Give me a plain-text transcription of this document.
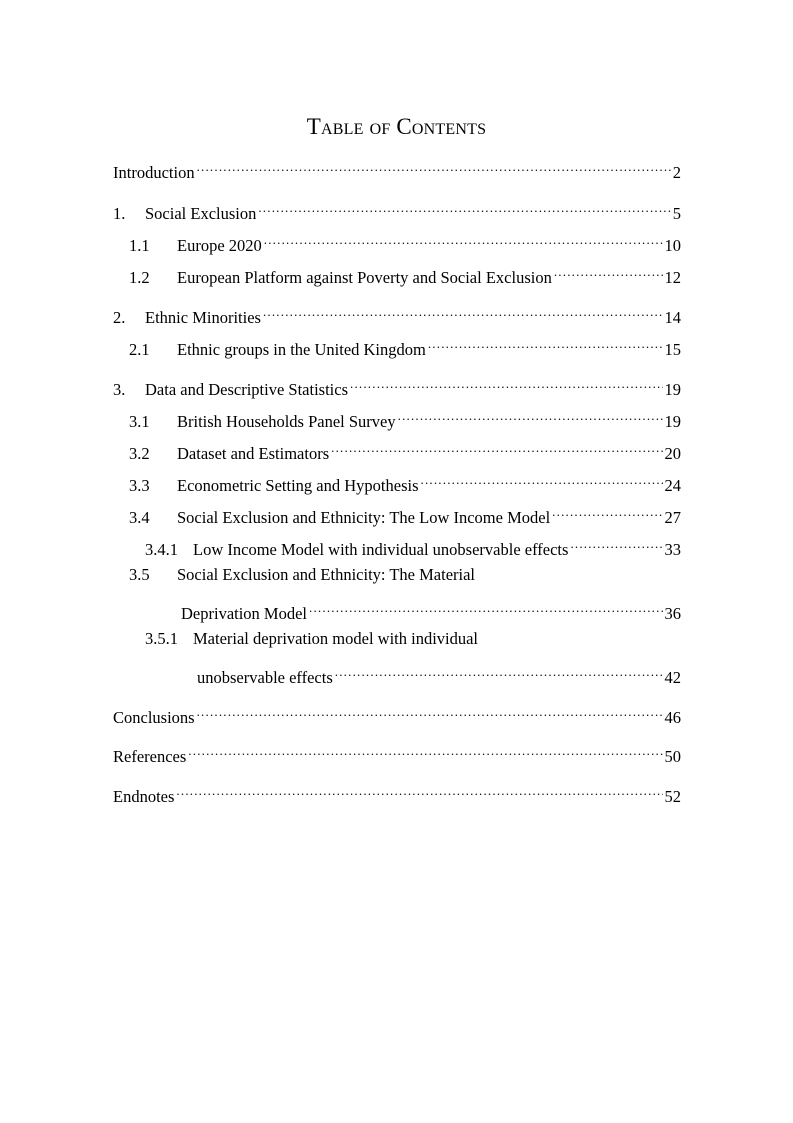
Table of Contents
Introduction .....	2
1.	Social Exclusion .....	5
1.1	Europe 2020 .....	10
1.2	European Platform against Poverty and Social Exclusion .....	12
2.	Ethnic Minorities .....	14
2.1	Ethnic groups in the United Kingdom .....	15
3.	Data and Descriptive Statistics .....	19
3.1	British Households Panel Survey .....	19
3.2	Dataset and Estimators .....	20
3.3	Econometric Setting and Hypothesis .....	24
3.4	Social Exclusion and Ethnicity: The Low Income Model .....	27
3.4.1 Low Income Model with individual unobservable effects .....	33
3.5	Social Exclusion and Ethnicity: The Material
Deprivation Model .....	36
3.5.1 Material deprivation model with individual
unobservable effects .....	42
Conclusions .....	46
References .....	50
Endnotes .....	52
